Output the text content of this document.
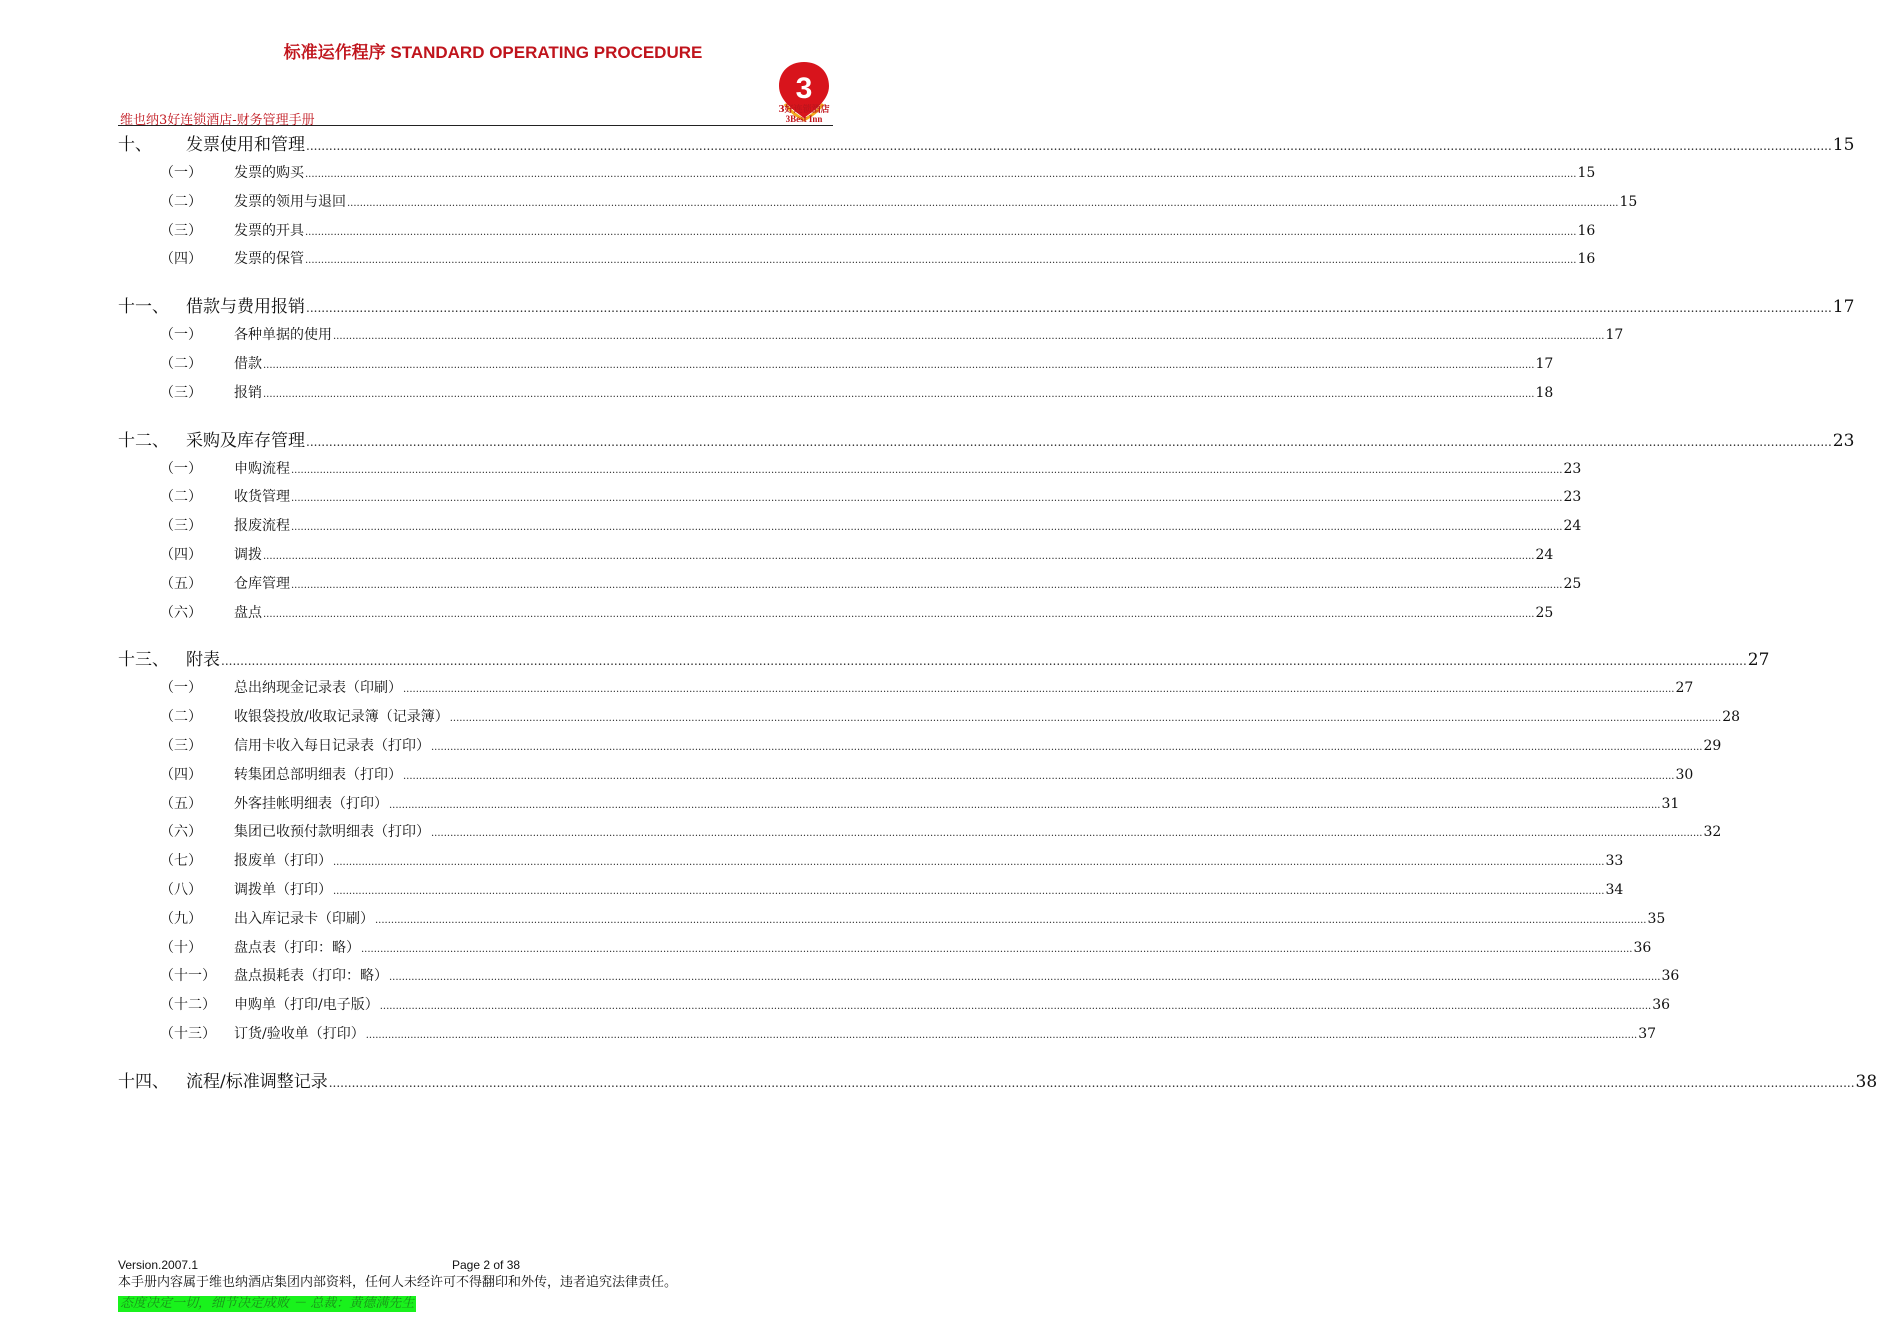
标准运作程序 STANDARD OPERATING PROCEDURE
3
3好连锁酒店
3Best Inn
维也纳3好连锁酒店-财务管理手册
十、	发票使用和管理 ................................................................................................................................................................................................................................................................................................................................................................................................................ 15
（一）	发票的购买 ................................................................................................................................................................................................................................................................................................................................................................................................................ 15
（二）	发票的领用与退回 ................................................................................................................................................................................................................................................................................................................................................................................................................ 15
（三）	发票的开具 ................................................................................................................................................................................................................................................................................................................................................................................................................ 16
（四）	发票的保管 ................................................................................................................................................................................................................................................................................................................................................................................................................ 16
十一、	借款与费用报销 ................................................................................................................................................................................................................................................................................................................................................................................................................ 17
（一）	各种单据的使用 ................................................................................................................................................................................................................................................................................................................................................................................................................ 17
（二）	借款 ................................................................................................................................................................................................................................................................................................................................................................................................................ 17
（三）	报销 ................................................................................................................................................................................................................................................................................................................................................................................................................ 18
十二、	采购及库存管理 ................................................................................................................................................................................................................................................................................................................................................................................................................ 23
（一）	申购流程 ................................................................................................................................................................................................................................................................................................................................................................................................................ 23
（二）	收货管理 ................................................................................................................................................................................................................................................................................................................................................................................................................ 23
（三）	报废流程 ................................................................................................................................................................................................................................................................................................................................................................................................................ 24
（四）	调拨 ................................................................................................................................................................................................................................................................................................................................................................................................................ 24
（五）	仓库管理 ................................................................................................................................................................................................................................................................................................................................................................................................................ 25
（六）	盘点 ................................................................................................................................................................................................................................................................................................................................................................................................................ 25
十三、	附表 ................................................................................................................................................................................................................................................................................................................................................................................................................ 27
（一）	总出纳现金记录表（印刷） ................................................................................................................................................................................................................................................................................................................................................................................................................ 27
（二）	收银袋投放/收取记录簿（记录簿） ................................................................................................................................................................................................................................................................................................................................................................................................................ 28
（三）	信用卡收入每日记录表（打印） ................................................................................................................................................................................................................................................................................................................................................................................................................ 29
（四）	转集团总部明细表（打印） ................................................................................................................................................................................................................................................................................................................................................................................................................ 30
（五）	外客挂帐明细表（打印） ................................................................................................................................................................................................................................................................................................................................................................................................................ 31
（六）	集团已收预付款明细表（打印） ................................................................................................................................................................................................................................................................................................................................................................................................................ 32
（七）	报废单（打印） ................................................................................................................................................................................................................................................................................................................................................................................................................ 33
（八）	调拨单（打印） ................................................................................................................................................................................................................................................................................................................................................................................................................ 34
（九）	出入库记录卡（印刷） ................................................................................................................................................................................................................................................................................................................................................................................................................ 35
（十）	盘点表（打印：略） ................................................................................................................................................................................................................................................................................................................................................................................................................ 36
（十一）	盘点损耗表（打印：略） ................................................................................................................................................................................................................................................................................................................................................................................................................ 36
（十二）	申购单（打印/电子版） ................................................................................................................................................................................................................................................................................................................................................................................................................ 36
（十三）	订货/验收单（打印） ................................................................................................................................................................................................................................................................................................................................................................................................................ 37
十四、	流程/标准调整记录 ................................................................................................................................................................................................................................................................................................................................................................................................................ 38
Version.2007.1	Page 2 of 38
本手册内容属于维也纳酒店集团内部资料，任何人未经许可不得翻印和外传，违者追究法律责任。
态度决定一切，细节决定成败 － 总裁：黄德满先生
